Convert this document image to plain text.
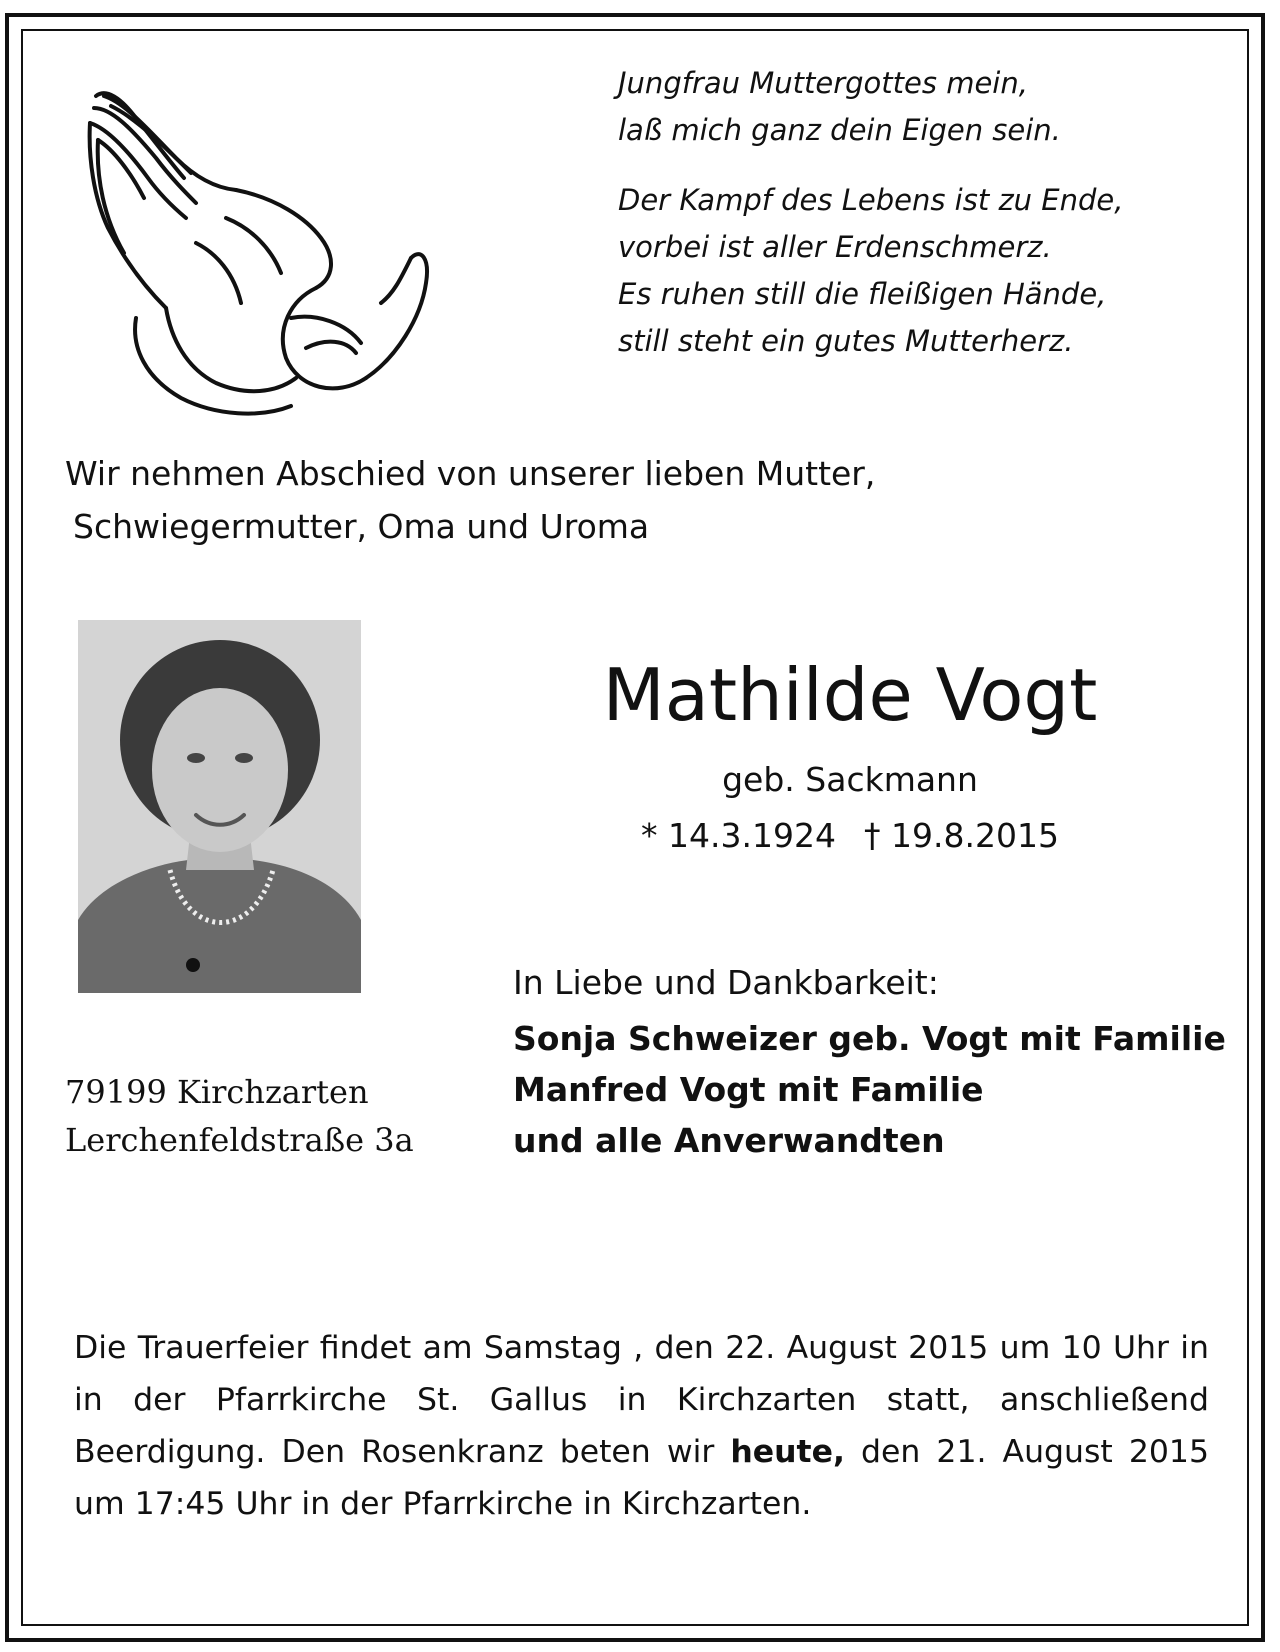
Jungfrau Muttergottes mein,
laß mich ganz dein Eigen sein.
Der Kampf des Lebens ist zu Ende,
vorbei ist aller Erdenschmerz.
Es ruhen still die fleißigen Hände,
still steht ein gutes Mutterherz.
Wir nehmen Abschied von unserer lieben Mutter,
Schwiegermutter, Oma und Uroma
Mathilde Vogt
geb. Sackmann
* 14.3.1924 † 19.8.2015
In Liebe und Dankbarkeit:
Sonja Schweizer geb. Vogt mit Familie
Manfred Vogt mit Familie
und alle Anverwandten
79199 Kirchzarten
Lerchenfeldstraße 3a
Die Trauerfeier findet am Samstag , den 22. August 2015 um 10 Uhr in in der Pfarrkirche St. Gallus in Kirchzarten statt, anschließend Beerdigung. Den Rosenkranz beten wir heute, den 21. August 2015 um 17:45 Uhr in der Pfarrkirche in Kirchzarten.
